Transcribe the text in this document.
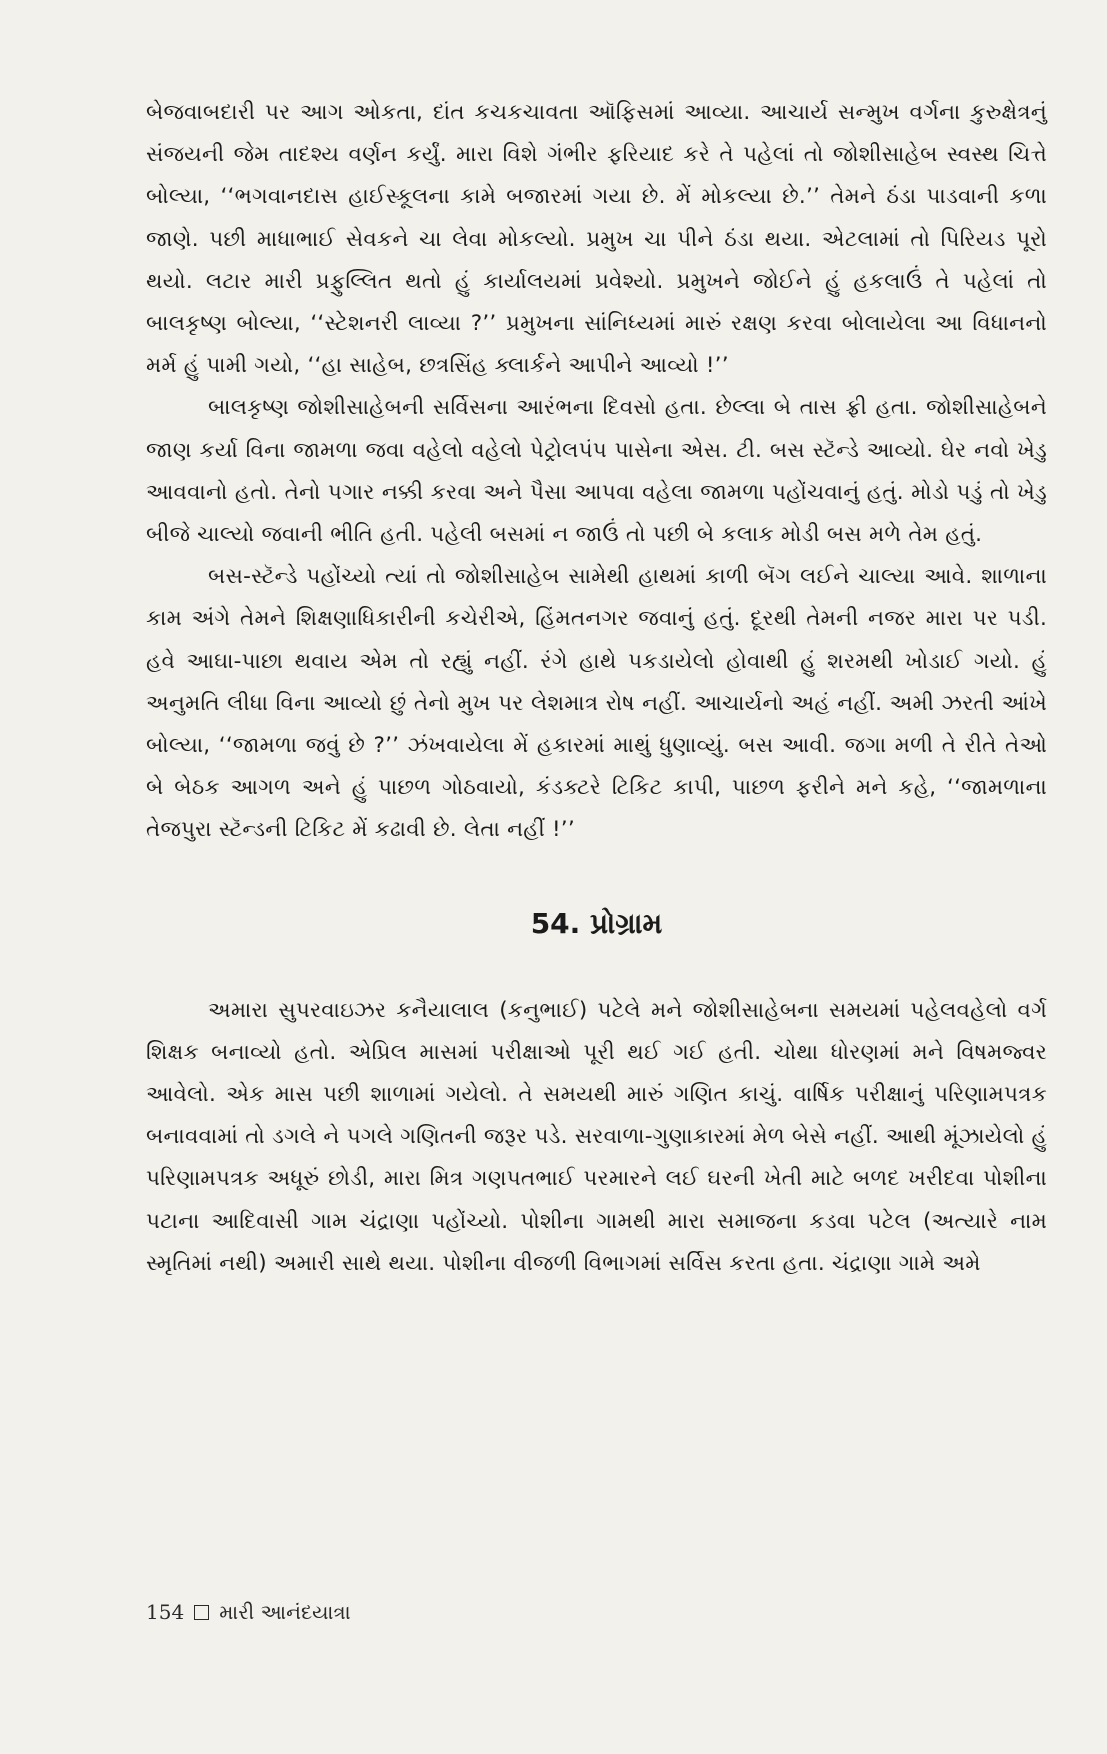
બેજવાબદારી પર આગ ઓકતા, દાંત કચકચાવતા ઑફિસમાં આવ્યા. આચાર્ય સન્મુખ વર્ગના કુરુક્ષેત્રનું સંજયની જેમ તાદશ્ય વર્ણન કર્યું. મારા વિશે ગંભીર ફરિયાદ કરે તે પહેલાં તો જોશીસાહેબ સ્વસ્થ ચિત્તે બોલ્યા, ‘‘ભગવાનદાસ હાઈસ્કૂલના કામે બજારમાં ગયા છે. મેં મોકલ્યા છે.’’ તેમને ઠંડા પાડવાની કળા જાણે. પછી માધાભાઈ સેવકને ચા લેવા મોકલ્યો. પ્રમુખ ચા પીને ઠંડા થયા. એટલામાં તો પિરિયડ પૂરો થયો. લટાર મારી પ્રફુલ્લિત થતો હું કાર્યાલયમાં પ્રવેશ્યો. પ્રમુખને જોઈને હું હકલાઉં તે પહેલાં તો બાલકૃષ્ણ બોલ્યા, ‘‘સ્ટેશનરી લાવ્યા ?’’ પ્રમુખના સાંનિધ્યમાં મારું રક્ષણ કરવા બોલાયેલા આ વિધાનનો મર્મ હું પામી ગયો, ‘‘હા સાહેબ, છત્રસિંહ ક્લાર્કને આપીને આવ્યો !’’

બાલકૃષ્ણ જોશીસાહેબની સર્વિસના આરંભના દિવસો હતા. છેલ્લા બે તાસ ફ્રી હતા. જોશીસાહેબને જાણ કર્યા વિના જામળા જવા વહેલો વહેલો પેટ્રોલપંપ પાસેના એસ. ટી. બસ સ્ટૅન્ડે આવ્યો. ઘેર નવો ખેડુ આવવાનો હતો. તેનો પગાર નક્કી કરવા અને પૈસા આપવા વહેલા જામળા પહોંચવાનું હતું. મોડો પડું તો ખેડુ બીજે ચાલ્યો જવાની ભીતિ હતી. પહેલી બસમાં ન જાઉં તો પછી બે કલાક મોડી બસ મળે તેમ હતું.

બસ-સ્ટૅન્ડે પહોંચ્યો ત્યાં તો જોશીસાહેબ સામેથી હાથમાં કાળી બૅગ લઈને ચાલ્યા આવે. શાળાના કામ અંગે તેમને શિક્ષણાધિકારીની કચેરીએ, હિંમતનગર જવાનું હતું. દૂરથી તેમની નજર મારા પર પડી. હવે આઘા-પાછા થવાય એમ તો રહ્યું નહીં. રંગે હાથે પકડાયેલો હોવાથી હું શરમથી ખોડાઈ ગયો. હું અનુમતિ લીધા વિના આવ્યો છું તેનો મુખ પર લેશમાત્ર રોષ નહીં. આચાર્યનો અહં નહીં. અમી ઝરતી આંખે બોલ્યા, ‘‘જામળા જવું છે ?’’ ઝંખવાયેલા મેં હકારમાં માથું ધુણાવ્યું. બસ આવી. જગા મળી તે રીતે તેઓ બે બેઠક આગળ અને હું પાછળ ગોઠવાયો, કંડક્ટરે ટિકિટ કાપી, પાછળ ફરીને મને કહે, ‘‘જામળાના તેજપુરા સ્ટૅન્ડની ટિકિટ મેં કઢાવી છે. લેતા નહીં !’’

54. પ્રોગ્રામ

અમારા સુપરવાઇઝર કનૈયાલાલ (કનુભાઈ) પટેલે મને જોશીસાહેબના સમયમાં પહેલવહેલો વર્ગ શિક્ષક બનાવ્યો હતો. એપ્રિલ માસમાં પરીક્ષાઓ પૂરી થઈ ગઈ હતી. ચોથા ધોરણમાં મને વિષમજ્વર આવેલો. એક માસ પછી શાળામાં ગયેલો. તે સમયથી મારું ગણિત કાચું. વાર્ષિક પરીક્ષાનું પરિણામપત્રક બનાવવામાં તો ડગલે ને પગલે ગણિતની જરૂર પડે. સરવાળા-ગુણાકારમાં મેળ બેસે નહીં. આથી મૂંઝાયેલો હું પરિણામપત્રક અધૂરું છોડી, મારા મિત્ર ગણપતભાઈ પરમારને લઈ ઘરની ખેતી માટે બળદ ખરીદવા પોશીના પટાના આદિવાસી ગામ ચંદ્રાણા પહોંચ્યો. પોશીના ગામથી મારા સમાજના કડવા પટેલ (અત્યારે નામ સ્મૃતિમાં નથી) અમારી સાથે થયા. પોશીના વીજળી વિભાગમાં સર્વિસ કરતા હતા. ચંદ્રાણા ગામે અમે

154 મારી આનંદયાત્રા
